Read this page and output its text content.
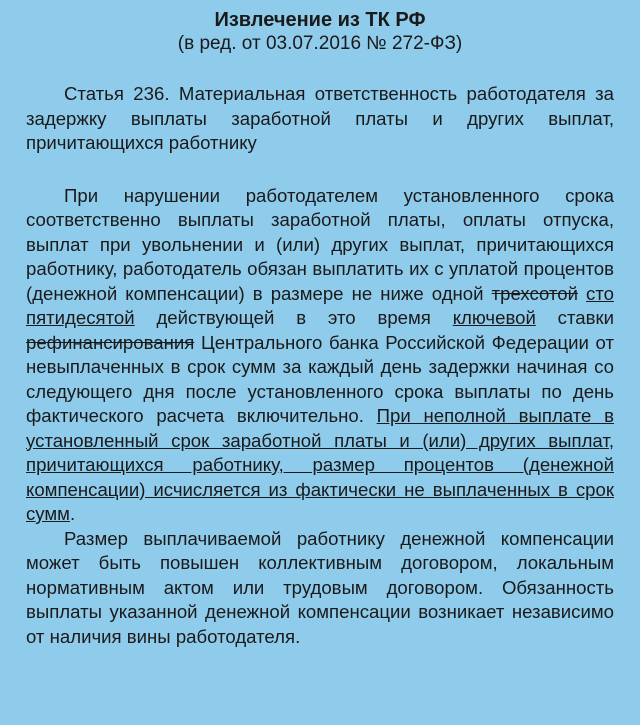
Извлечение из ТК РФ

(в ред. от 03.07.2016 № 272-ФЗ)

Статья 236. Материальная ответственность работодателя за задержку выплаты заработной платы и других выплат, причитающихся работнику

При нарушении работодателем установленного срока соответственно выплаты заработной платы, оплаты отпуска, выплат при увольнении и (или) других выплат, причитающихся работнику, работодатель обязан выплатить их с уплатой процентов (денежной компенсации) в размере не ниже одной трехсотой сто пятидесятой действующей в это время ключевой ставки рефинансирования Центрального банка Российской Федерации от невыплаченных в срок сумм за каждый день задержки начиная со следующего дня после установленного срока выплаты по день фактического расчета включительно. При неполной выплате в установленный срок заработной платы и (или) других выплат, причитающихся работнику, размер процентов (денежной компенсации) исчисляется из фактически не выплаченных в срок сумм.

Размер выплачиваемой работнику денежной компенсации может быть повышен коллективным договором, локальным нормативным актом или трудовым договором. Обязанность выплаты указанной денежной компенсации возникает независимо от наличия вины работодателя.
